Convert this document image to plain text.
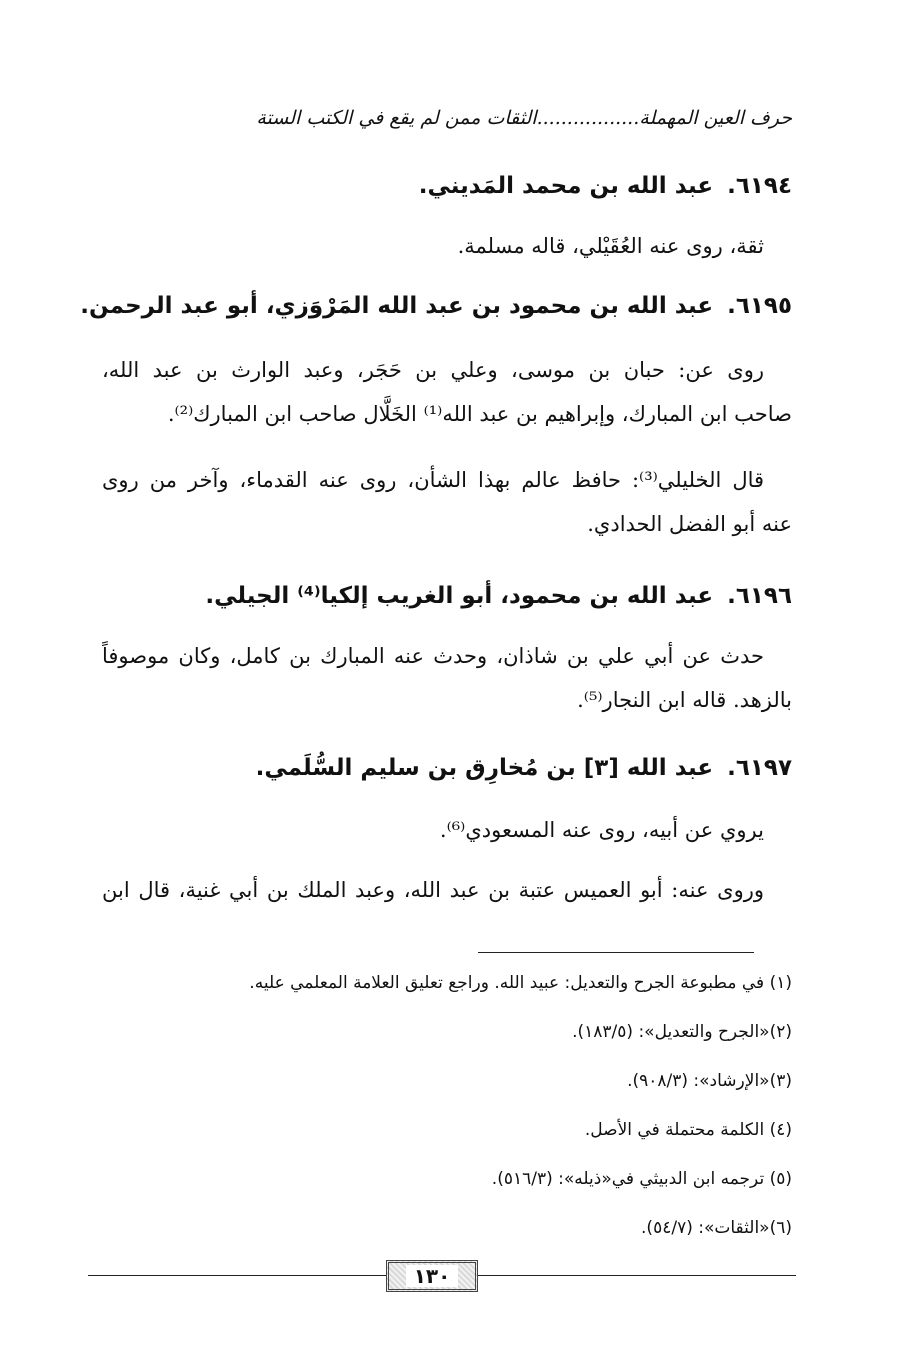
حرف العين المهملة.................الثقات ممن لم يقع في الكتب الستة
٦١٩٤.عبد الله بن محمد المَديني.
ثقة، روى عنه العُقَيْلي، قاله مسلمة.
٦١٩٥.عبد الله بن محمود بن عبد الله المَرْوَزي، أبو عبد الرحمن.
روى عن: حبان بن موسى، وعلي بن حَجَر، وعبد الوارث بن عبد الله،
صاحب ابن المبارك، وإبراهيم بن عبد الله⁽¹⁾ الخَلَّال صاحب ابن المبارك⁽²⁾.
قال الخليلي⁽³⁾: حافظ عالم بهذا الشأن، روى عنه القدماء، وآخر من روى
عنه أبو الفضل الحدادي.
٦١٩٦.عبد الله بن محمود، أبو الغريب إلكيا⁽⁴⁾ الجيلي.
حدث عن أبي علي بن شاذان، وحدث عنه المبارك بن كامل، وكان موصوفاً
بالزهد. قاله ابن النجار⁽⁵⁾.
٦١٩٧.عبد الله [٣] بن مُخارِق بن سليم السُّلَمي.
يروي عن أبيه، روى عنه المسعودي⁽⁶⁾.
وروى عنه: أبو العميس عتبة بن عبد الله، وعبد الملك بن أبي غنية، قال ابن
(١) في مطبوعة الجرح والتعديل: عبيد الله. وراجع تعليق العلامة المعلمي عليه.
(٢)«الجرح والتعديل»: (١٨٣/٥).
(٣)«الإرشاد»: (٩٠٨/٣).
(٤) الكلمة محتملة في الأصل.
(٥) ترجمه ابن الدبيثي في«ذيله»: (٥١٦/٣).
(٦)«الثقات»: (٥٤/٧).
١٣٠
